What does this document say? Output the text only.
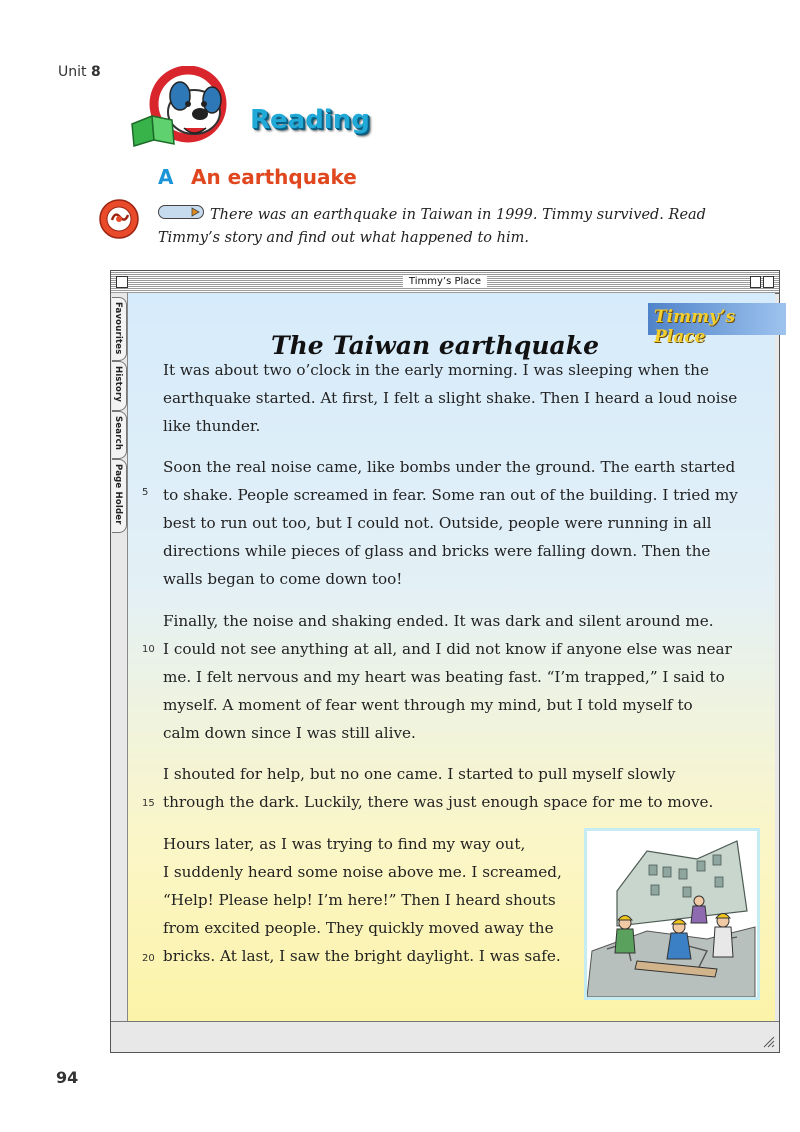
Unit 8
Reading
A An earthquake
There was an earthquake in Taiwan in 1999. Timmy survived. Read Timmy’s story and find out what happened to him.
Timmy’s Place
Favourites
History
Search
Page Holder
Timmy’s Place
The Taiwan earthquake
It was about two o’clock in the early morning. I was sleeping when the
earthquake started. At first, I felt a slight shake. Then I heard a loud noise
like thunder.
Soon the real noise came, like bombs under the ground. The earth started
to shake. People screamed in fear. Some ran out of the building. I tried my
best to run out too, but I could not. Outside, people were running in all
directions while pieces of glass and bricks were falling down. Then the
walls began to come down too!
5
Finally, the noise and shaking ended. It was dark and silent around me.
I could not see anything at all, and I did not know if anyone else was near
me. I felt nervous and my heart was beating fast. “I’m trapped,” I said to
myself. A moment of fear went through my mind, but I told myself to
calm down since I was still alive.
10
I shouted for help, but no one came. I started to pull myself slowly
through the dark. Luckily, there was just enough space for me to move.
15
Hours later, as I was trying to find my way out,
I suddenly heard some noise above me. I screamed,
“Help! Please help! I’m here!” Then I heard shouts
from excited people. They quickly moved away the
bricks. At last, I saw the bright daylight. I was safe.
20
94
